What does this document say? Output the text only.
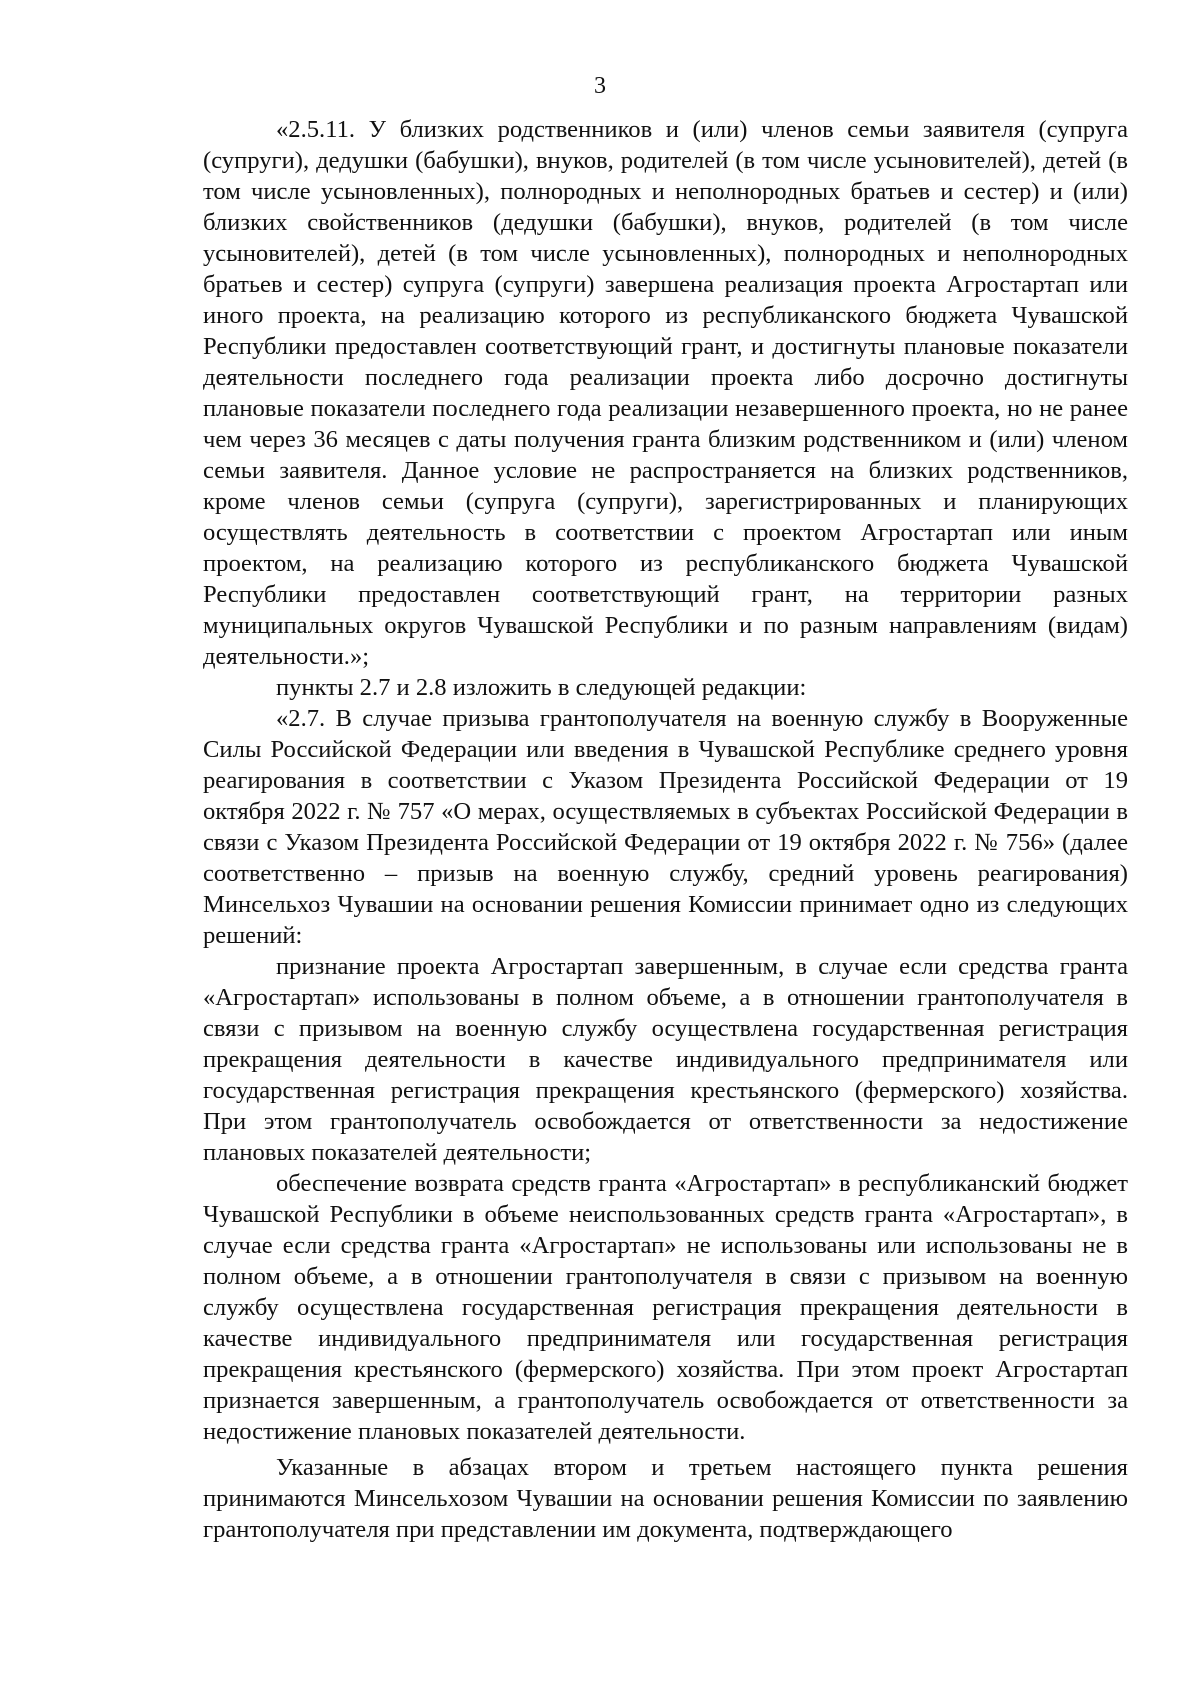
3

«2.5.11. У близких родственников и (или) членов семьи заявителя (супруга (супруги), дедушки (бабушки), внуков, родителей (в том числе усыновителей), детей (в том числе усыновленных), полнородных и неполнородных братьев и сестер) и (или) близких свойственников (дедушки (бабушки), внуков, родителей (в том числе усыновителей), детей (в том числе усыновленных), полнородных и неполнородных братьев и сестер) супруга (супруги) завершена реализация проекта Агростартап или иного проекта, на реализацию которого из республиканского бюджета Чувашской Республики предоставлен соответствующий грант, и достигнуты плановые показатели деятельности последнего года реализации проекта либо досрочно достигнуты плановые показатели последнего года реализации незавершенного проекта, но не ранее чем через 36 месяцев с даты получения гранта близким родственником и (или) членом семьи заявителя. Данное условие не распространяется на близких родственников, кроме членов семьи (супруга (супруги), зарегистрированных и планирующих осуществлять деятельность в соответствии с проектом Агростартап или иным проектом, на реализацию которого из республиканского бюджета Чувашской Республики предоставлен соответствующий грант, на территории разных муниципальных округов Чувашской Республики и по разным направлениям (видам) деятельности.»;

пункты 2.7 и 2.8 изложить в следующей редакции:

«2.7. В случае призыва грантополучателя на военную службу в Вооруженные Силы Российской Федерации или введения в Чувашской Республике среднего уровня реагирования в соответствии с Указом Президента Российской Федерации от 19 октября 2022 г. № 757 «О мерах, осуществляемых в субъектах Российской Федерации в связи с Указом Президента Российской Федерации от 19 октября 2022 г. № 756» (далее соответственно – призыв на военную службу, средний уровень реагирования) Минсельхоз Чувашии на основании решения Комиссии принимает одно из следующих решений:

признание проекта Агростартап завершенным, в случае если средства гранта «Агростартап» использованы в полном объеме, а в отношении грантополучателя в связи с призывом на военную службу осуществлена государственная регистрация прекращения деятельности в качестве индивидуального предпринимателя или государственная регистрация прекращения крестьянского (фермерского) хозяйства. При этом грантополучатель освобождается от ответственности за недостижение плановых показателей деятельности;

обеспечение возврата средств гранта «Агростартап» в республиканский бюджет Чувашской Республики в объеме неиспользованных средств гранта «Агростартап», в случае если средства гранта «Агростартап» не использованы или использованы не в полном объеме, а в отношении грантополучателя в связи с призывом на военную службу осуществлена государственная регистрация прекращения деятельности в качестве индивидуального предпринимателя или государственная регистрация прекращения крестьянского (фермерского) хозяйства. При этом проект Агростартап признается завершенным, а грантополучатель освобождается от ответственности за недостижение плановых показателей деятельности.

Указанные в абзацах втором и третьем настоящего пункта решения принимаются Минсельхозом Чувашии на основании решения Комиссии по заявлению грантополучателя при представлении им документа, подтверждающего
